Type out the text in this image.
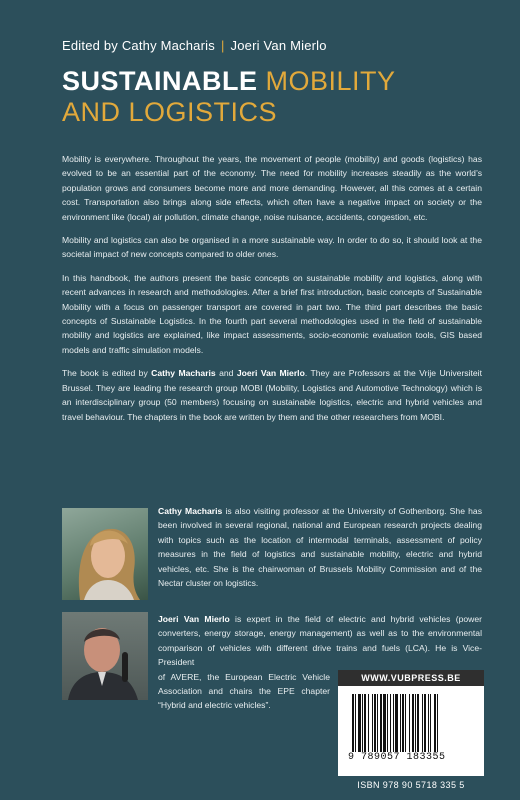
Edited by Cathy Macharis | Joeri Van Mierlo
SUSTAINABLE MOBILITY
AND LOGISTICS

Mobility is everywhere. Throughout the years, the movement of people (mobility) and goods (logistics) has evolved to be an essential part of the economy. The need for mobility increases steadily as the world’s population grows and consumers become more and more demanding. However, all this comes at a certain cost. Transportation also brings along side effects, which often have a negative impact on society or the environment like (local) air pollution, climate change, noise nuisance, accidents, congestion, etc.

Mobility and logistics can also be organised in a more sustainable way. In order to do so, it should look at the societal impact of new concepts compared to older ones.

In this handbook, the authors present the basic concepts on sustainable mobility and logistics, along with recent advances in research and methodologies. After a brief first introduction, basic concepts of Sustainable Mobility with a focus on passenger transport are covered in part two. The third part describes the basic concepts of Sustainable Logistics. In the fourth part several methodologies used in the field of sustainable mobility and logistics are explained, like impact assessments, socio-economic evaluation tools, GIS based models and traffic simulation models.

The book is edited by Cathy Macharis and Joeri Van Mierlo. They are Professors at the Vrije Universiteit Brussel. They are leading the research group MOBI (Mobility, Logistics and Automotive Technology) which is an interdisciplinary group (50 members) focusing on sustainable logistics, electric and hybrid vehicles and travel behaviour. The chapters in the book are written by them and the other researchers from MOBI.

Cathy Macharis is also visiting professor at the University of Gothenborg. She has been involved in several regional, national and European research projects dealing with topics such as the location of intermodal terminals, assessment of policy measures in the field of logistics and sustainable mobility, electric and hybrid vehicles, etc. She is the chairwoman of Brussels Mobility Commission and of the Nectar cluster on logistics.
Joeri Van Mierlo is expert in the field of electric and hybrid vehicles (power converters, energy storage, energy management) as well as to the environmental comparison of vehicles with different drive trains and fuels (LCA). He is Vice-President
of AVERE, the European Electric Vehicle Association and chairs the EPE chapter “Hybrid and electric vehicles”.
WWW.VUBPRESS.BE
9 789057 183355
ISBN 978 90 5718 335 5
